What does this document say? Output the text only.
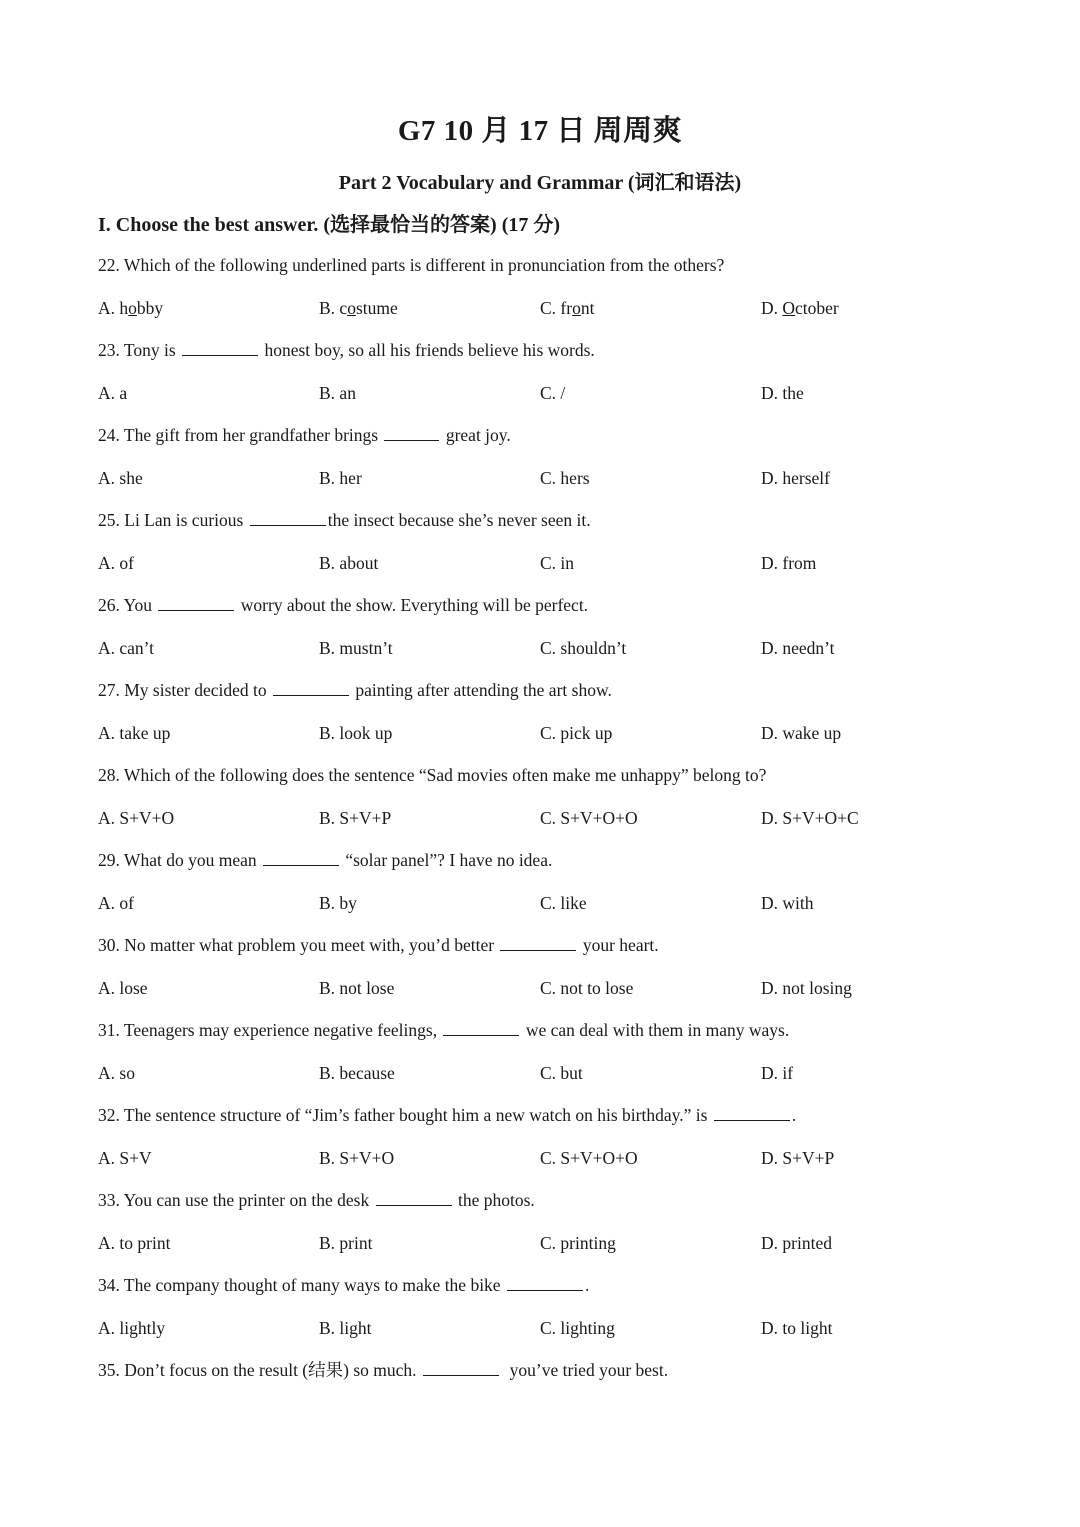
G7 10 月 17 日 周周爽
Part 2 Vocabulary and Grammar (词汇和语法)
I. Choose the best answer. (选择最恰当的答案) (17 分)
22. Which of the following underlined parts is different in pronunciation from the others?
A. hobby	B. costume	C. front	D. October
23. Tony is	honest boy, so all his friends believe his words.
A. a	B. an	C. /	D. the
24. The gift from her grandfather brings	great joy.
A. she	B. her	C. hers	D. herself
25. Li Lan is curious	the insect because she’s never seen it.
A. of	B. about	C. in	D. from
26. You	worry about the show. Everything will be perfect.
A. can’t	B. mustn’t	C. shouldn’t	D. needn’t
27. My sister decided to	painting after attending the art show.
A. take up	B. look up	C. pick up	D. wake up
28. Which of the following does the sentence “Sad movies often make me unhappy” belong to?
A. S+V+O	B. S+V+P	C. S+V+O+O	D. S+V+O+C
29. What do you mean	“solar panel”? I have no idea.
A. of	B. by	C. like	D. with
30. No matter what problem you meet with, you’d better	your heart.
A. lose	B. not lose	C. not to lose	D. not losing
31. Teenagers may experience negative feelings,	we can deal with them in many ways.
A. so	B. because	C. but	D. if
32. The sentence structure of “Jim’s father bought him a new watch on his birthday.” is	.
A. S+V	B. S+V+O	C. S+V+O+O	D. S+V+P
33. You can use the printer on the desk	the photos.
A. to print	B. print	C. printing	D. printed
34. The company thought of many ways to make the bike	.
A. lightly	B. light	C. lighting	D. to light
35. Don’t focus on the result (结果) so much.	you’ve tried your best.
